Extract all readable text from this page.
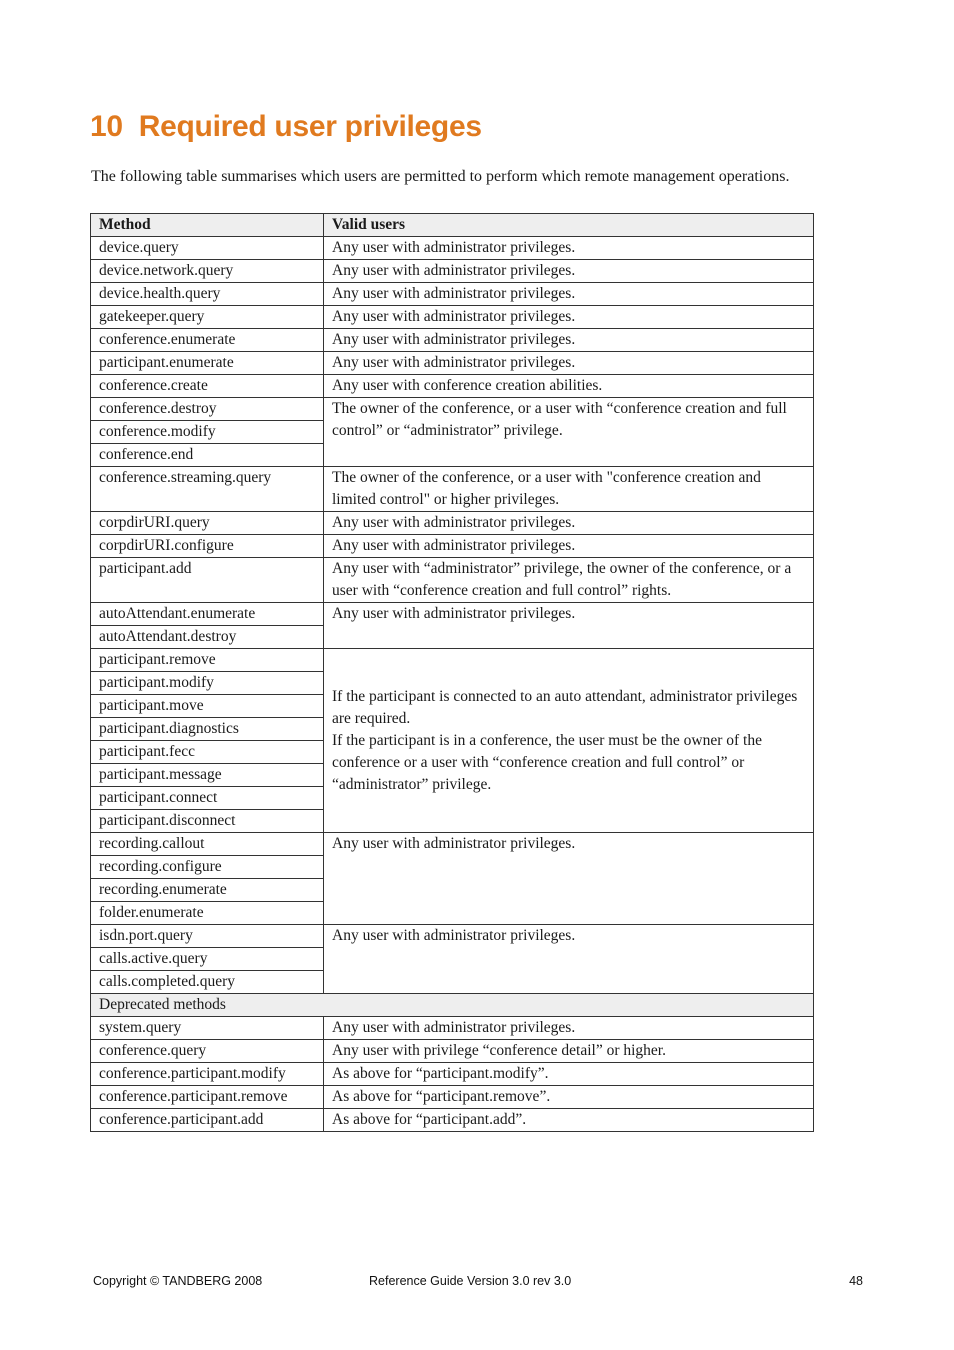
10 Required user privileges

The following table summarises which users are permitted to perform which remote management operations.

Method	Valid users
device.query	Any user with administrator privileges.
device.network.query	Any user with administrator privileges.
device.health.query	Any user with administrator privileges.
gatekeeper.query	Any user with administrator privileges.
conference.enumerate	Any user with administrator privileges.
participant.enumerate	Any user with administrator privileges.
conference.create	Any user with conference creation abilities.
conference.destroy	The owner of the conference, or a user with “conference creation and full control” or “administrator” privilege.
conference.modify	
conference.end	
conference.streaming.query	The owner of the conference, or a user with "conference creation and limited control" or higher privileges.
corpdirURI.query	Any user with administrator privileges.
corpdirURI.configure	Any user with administrator privileges.
participant.add	Any user with “administrator” privilege, the owner of the conference, or a user with “conference creation and full control” rights.
autoAttendant.enumerate	Any user with administrator privileges.
autoAttendant.destroy	
participant.remove	If the participant is connected to an auto attendant, administrator privileges are required.
If the participant is in a conference, the user must be the owner of the conference or a user with “conference creation and full control” or “administrator” privilege.
participant.modify	
participant.move	
participant.diagnostics	
participant.fecc	
participant.message	
participant.connect	
participant.disconnect	
recording.callout	Any user with administrator privileges.
recording.configure	
recording.enumerate	
folder.enumerate	
isdn.port.query	Any user with administrator privileges.
calls.active.query	
calls.completed.query	
Deprecated methods	
system.query	Any user with administrator privileges.
conference.query	Any user with privilege “conference detail” or higher.
conference.participant.modify	As above for “participant.modify”.
conference.participant.remove	As above for “participant.remove”.
conference.participant.add	As above for “participant.add”.
Copyright © TANDBERG 2008	Reference Guide Version 3.0 rev 3.0	48
